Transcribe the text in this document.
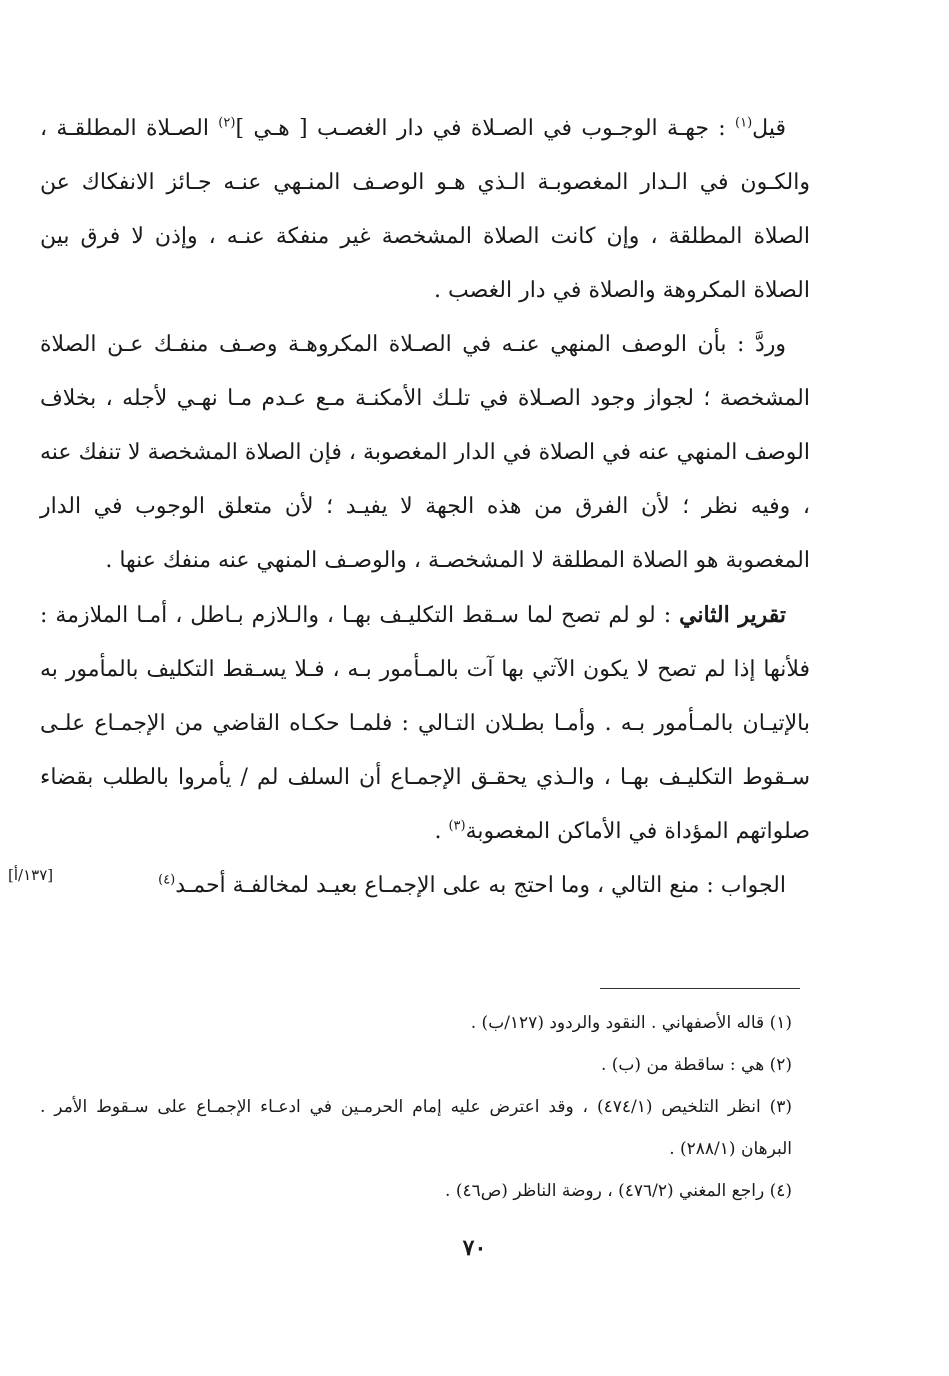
قيل$^{(١)}$ : جهـة الوجـوب في الصـلاة في دار الغصـب [ هـي ]$^{(٢)}$ الصـلاة المطلقـة ، والكـون في الـدار المغصوبـة الـذي هـو الوصـف المنـهي عنـه جـائز الانفكاك عن الصلاة المطلقة ، وإن كانت الصلاة المشخصة غير منفكة عنـه ، وإذن لا فرق بين الصلاة المكروهة والصلاة في دار الغصب .

وردَّ : بأن الوصف المنهي عنـه في الصـلاة المكروهـة وصـف منفـك عـن الصلاة المشخصة ؛ لجواز وجود الصـلاة في تلـك الأمكنـة مـع عـدم مـا نهـي لأجله ، بخلاف الوصف المنهي عنه في الصلاة في الدار المغصوبة ، فإن الصلاة المشخصة لا تنفك عنه ، وفيه نظر ؛ لأن الفرق من هذه الجهة لا يفيـد ؛ لأن متعلق الوجوب في الدار المغصوبة هو الصلاة المطلقة لا المشخصـة ، والوصـف المنهي عنه منفك عنها .

تقرير الثاني : لو لم تصح لما سـقط التكليـف بهـا ، والـلازم بـاطل ، أمـا الملازمة : فلأنها إذا لم تصح لا يكون الآتي بها آت بالمـأمور بـه ، فـلا يسـقط التكليف بالمأمور به بالإتيـان بالمـأمور بـه . وأمـا بطـلان التـالي : فلمـا حكـاه القاضي من الإجمـاع علـى سـقوط التكليـف بهـا ، والـذي يحقـق الإجمـاع أن السلف لم / يأمروا بالطلب بقضاء صلواتهم المؤداة في الأماكن المغصوبة$^{(٣)}$ .

الجواب : منع التالي ، وما احتج به على الإجمـاع بعيـد لمخالفـة أحمـد$^{(٤)}$

[١٣٧/أ]

(١) قاله الأصفهاني . النقود والردود (١٢٧/ب) .

(٢) هي : ساقطة من (ب) .

(٣) انظر التلخيص (٤٧٤/١) ، وقد اعترض عليه إمام الحرمـين في ادعـاء الإجمـاع على سـقوط الأمر . البرهان (٢٨٨/١) .

(٤) راجع المغني (٤٧٦/٢) ، روضة الناظر (ص٤٦) .

٧٠
